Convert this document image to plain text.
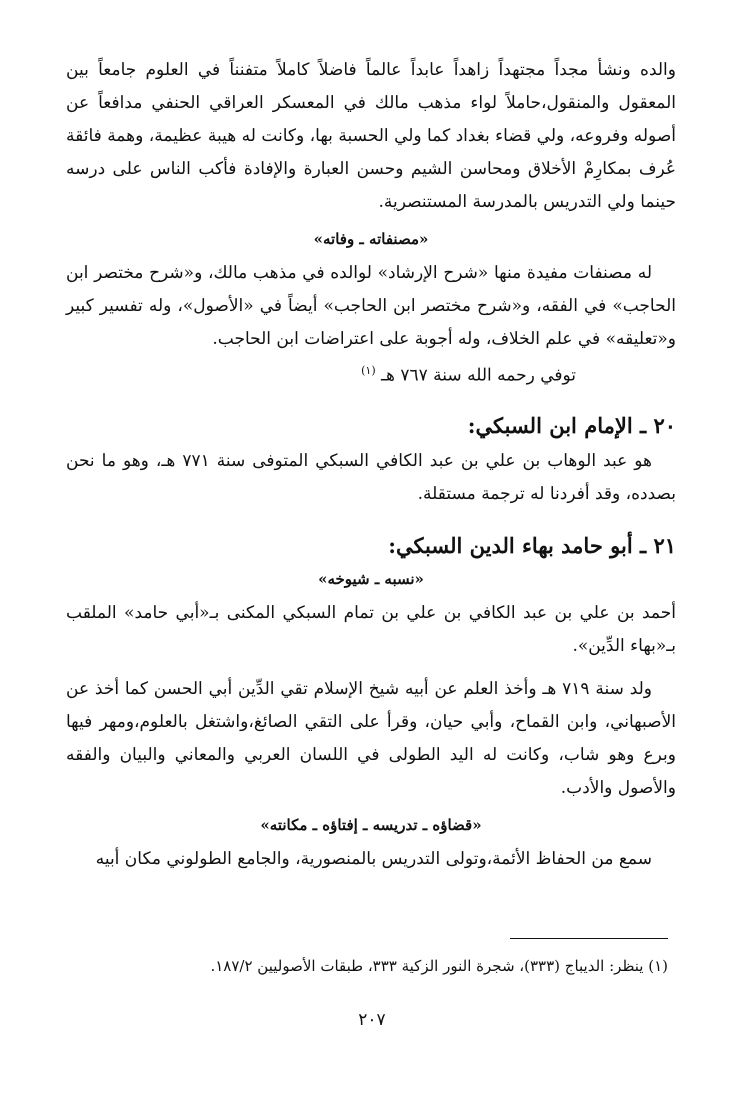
والده ونشأ مجداً مجتهداً زاهداً عابداً عالماً فاضلاً كاملاً متفنناً في العلوم جامعاً بين المعقول والمنقول،حاملاً لواء مذهب مالك في المعسكر العراقي الحنفي مدافعاً عن أصوله وفروعه، ولي قضاء بغداد كما ولي الحسبة بها، وكانت له هيبة عظيمة، وهمة فائقة عُرف بمكارِمْ الأخلاق ومحاسن الشيم وحسن العبارة والإفادة فأكب الناس على درسه حينما ولي التدريس بالمدرسة المستنصرية.

«مصنفاته ـ وفاته»

له مصنفات مفيدة منها «شرح الإرشاد» لوالده في مذهب مالك، و«شرح مختصر ابن الحاجب» في الفقه، و«شرح مختصر ابن الحاجب» أيضاً في «الأصول»، وله تفسير كبير و«تعليقه» في علم الخلاف، وله أجوبة على اعتراضات ابن الحاجب.

توفي رحمه الله سنة ٧٦٧ هـ $^{(١)}$

٢٠ ـ الإمام ابن السبكي:

هو عبد الوهاب بن علي بن عبد الكافي السبكي المتوفى سنة ٧٧١ هـ، وهو ما نحن بصدده، وقد أفردنا له ترجمة مستقلة.

٢١ ـ أبو حامد بهاء الدين السبكي:
«نسبه ـ شيوخه»

أحمد بن علي بن عبد الكافي بن علي بن تمام السبكي المكنى بـ«أبي حامد» الملقب بـ«بهاء الدِّين».

ولد سنة ٧١٩ هـ وأخذ العلم عن أبيه شيخ الإسلام تقي الدِّين أبي الحسن كما أخذ عن الأصبهاني، وابن القماح، وأبي حيان، وقرأ على التقي الصائغ،واشتغل بالعلوم،ومهر فيها وبرع وهو شاب، وكانت له اليد الطولى في اللسان العربي والمعاني والبيان والفقه والأصول والأدب.

«قضاؤه ـ تدريسه ـ إفتاؤه ـ مكانته»

سمع من الحفاظ الأئمة،وتولى التدريس بالمنصورية، والجامع الطولوني مكان أبيه

(١) ينظر: الديباج (٣٣٣)، شجرة النور الزكية ٣٣٣، طبقات الأصوليين ١٨٧/٢.
٢٠٧
